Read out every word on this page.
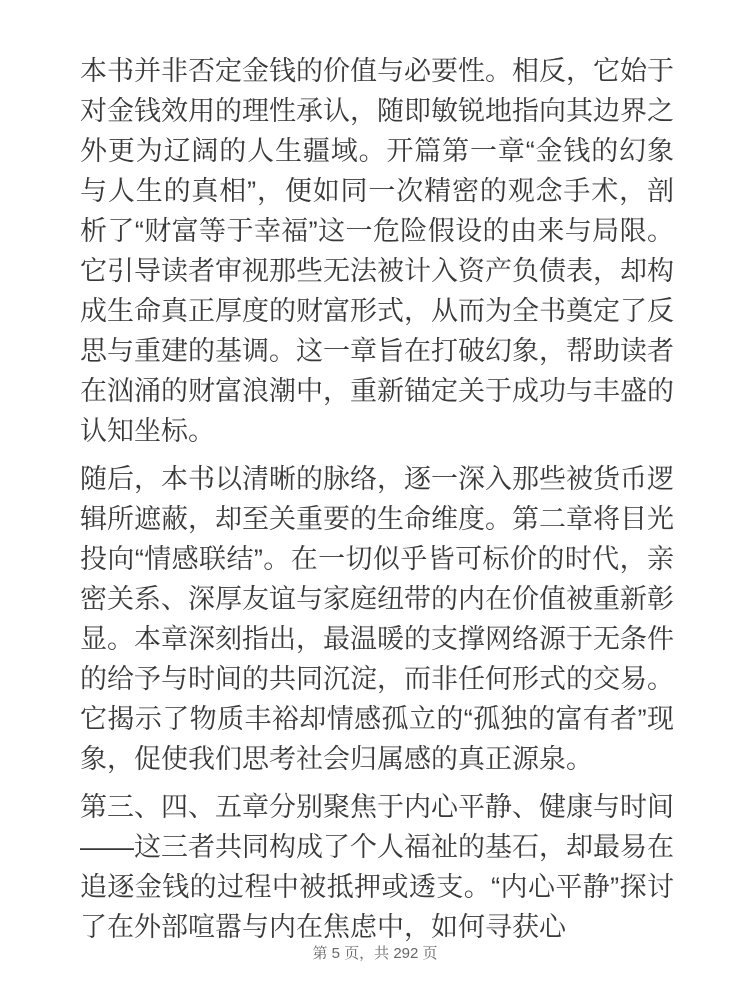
本书并非否定金钱的价值与必要性。相反，它始于对金钱效用的理性承认，随即敏锐地指向其边界之外更为辽阔的人生疆域。开篇第一章“金钱的幻象与人生的真相”，便如同一次精密的观念手术，剖析了“财富等于幸福”这一危险假设的由来与局限。它引导读者审视那些无法被计入资产负债表，却构成生命真正厚度的财富形式，从而为全书奠定了反思与重建的基调。这一章旨在打破幻象，帮助读者在汹涌的财富浪潮中，重新锚定关于成功与丰盛的认知坐标。

随后，本书以清晰的脉络，逐一深入那些被货币逻辑所遮蔽，却至关重要的生命维度。第二章将目光投向“情感联结”。在一切似乎皆可标价的时代，亲密关系、深厚友谊与家庭纽带的内在价值被重新彰显。本章深刻指出，最温暖的支撑网络源于无条件的给予与时间的共同沉淀，而非任何形式的交易。它揭示了物质丰裕却情感孤立的“孤独的富有者”现象，促使我们思考社会归属感的真正源泉。

第三、四、五章分别聚焦于内心平静、健康与时间——这三者共同构成了个人福祉的基石，却最易在追逐金钱的过程中被抵押或透支。“内心平静”探讨了在外部喧嚣与内在焦虑中，如何寻获心

第 5 页，共 292 页
